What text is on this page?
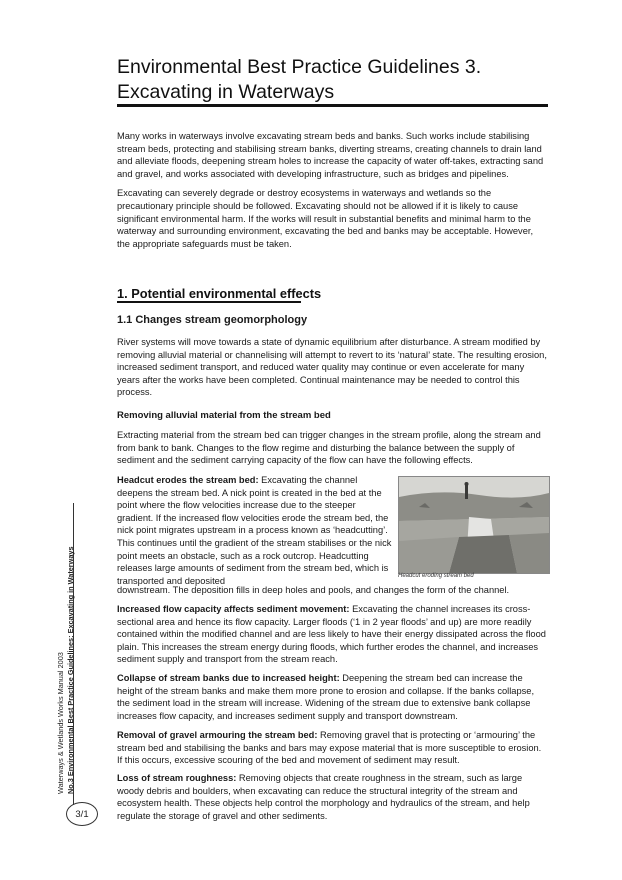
Environmental Best Practice Guidelines 3.
Excavating in Waterways

Many works in waterways involve excavating stream beds and banks. Such works include stabilising stream beds, protecting and stabilising stream banks, diverting streams, creating channels to drain land and alleviate floods, deepening stream holes to increase the capacity of water off-takes, extracting sand and gravel, and works associated with developing infrastructure, such as bridges and pipelines.

Excavating can severely degrade or destroy ecosystems in waterways and wetlands so the precautionary principle should be followed. Excavating should not be allowed if it is likely to cause significant environmental harm. If the works will result in substantial benefits and minimal harm to the waterway and surrounding environment, excavating the bed and banks may be acceptable. However, the appropriate safeguards must be taken.

1. Potential environmental effects
1.1 Changes stream geomorphology
River systems will move towards a state of dynamic equilibrium after disturbance. A stream modified by removing alluvial material or channelising will attempt to revert to its ‘natural’ state. The resulting erosion, increased sediment transport, and reduced water quality may continue or even accelerate for many years after the works have been completed. Continual maintenance may be needed to control this process.
Removing alluvial material from the stream bed
Extracting material from the stream bed can trigger changes in the stream profile, along the stream and from bank to bank. Changes to the flow regime and disturbing the balance between the supply of sediment and the sediment carrying capacity of the flow can have the following effects.
Headcut erodes the stream bed: Excavating the channel deepens the stream bed. A nick point is created in the bed at the point where the flow velocities increase due to the steeper gradient. If the increased flow velocities erode the stream bed, the nick point migrates upstream in a process known as ‘headcutting’. This continues until the gradient of the stream stabilises or the nick point meets an obstacle, such as a rock outcrop. Headcutting releases large amounts of sediment from the stream bed, which is transported and deposited
downstream. The deposition fills in deep holes and pools, and changes the form of the channel.
Headcut eroding stream bed
Increased flow capacity affects sediment movement: Excavating the channel increases its cross-sectional area and hence its flow capacity. Larger floods (‘1 in 2 year floods’ and up) are more readily contained within the modified channel and are less likely to have their energy dissipated across the flood plain. This increases the stream energy during floods, which further erodes the channel, and increases sediment supply and transport from the stream reach.
Collapse of stream banks due to increased height: Deepening the stream bed can increase the height of the stream banks and make them more prone to erosion and collapse. If the banks collapse, the sediment load in the stream will increase. Widening of the stream due to extensive bank collapse increases flow capacity, and increases sediment supply and transport downstream.
Removal of gravel armouring the stream bed: Removing gravel that is protecting or ‘armouring’ the stream bed and stabilising the banks and bars may expose material that is more susceptible to erosion. If this occurs, excessive scouring of the bed and movement of sediment may result.
Loss of stream roughness: Removing objects that create roughness in the stream, such as large woody debris and boulders, when excavating can reduce the structural integrity of the stream and ecosystem health. These objects help control the morphology and hydraulics of the stream, and help regulate the storage of gravel and other sediments.
Waterways & Wetlands Works Manual 2003 No.3 Environmental Best Practice Guidelines: Excavating in Waterways
3/1
